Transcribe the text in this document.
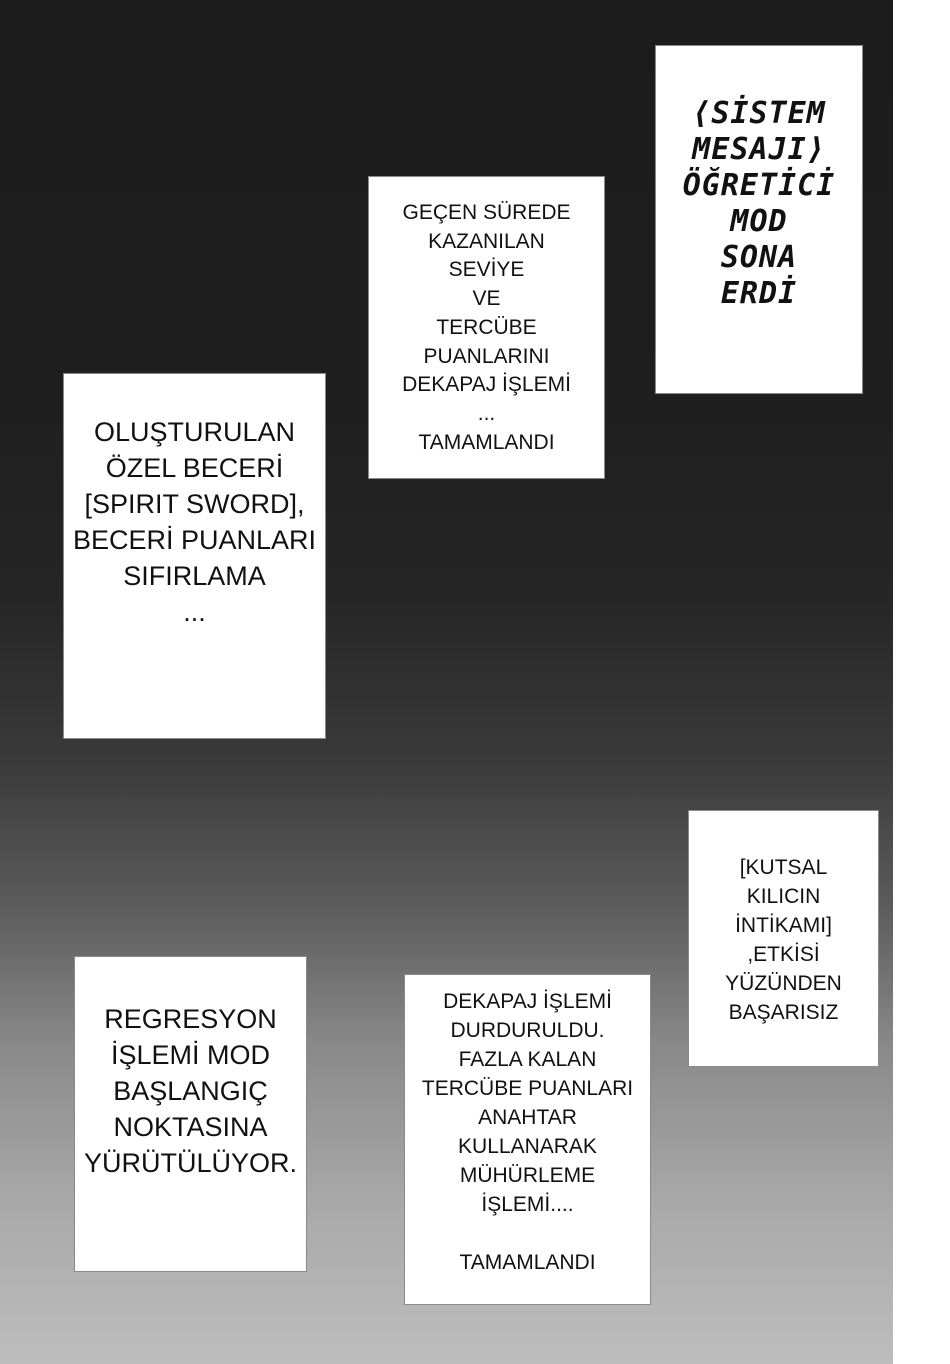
⟨SİSTEM
MESAJI⟩
ÖĞRETİCİ
MOD
SONA
ERDİ
GEÇEN SÜREDE
KAZANILAN
SEVİYE
VE
TERCÜBE
PUANLARINI
DEKAPAJ İŞLEMİ
...
TAMAMLANDI
OLUŞTURULAN
ÖZEL BECERİ
[SPIRIT SWORD],
BECERİ PUANLARI
SIFIRLAMA
...
[KUTSAL
KILICIN
İNTİKAMI]
,ETKİSİ
YÜZÜNDEN
BAŞARISIZ
REGRESYON
İŞLEMİ MOD
BAŞLANGIÇ
NOKTASINA
YÜRÜTÜLÜYOR.
DEKAPAJ İŞLEMİ
DURDURULDU.
FAZLA KALAN
TERCÜBE PUANLARI
ANAHTAR
KULLANARAK
MÜHÜRLEME
İŞLEMİ....

TAMAMLANDI
